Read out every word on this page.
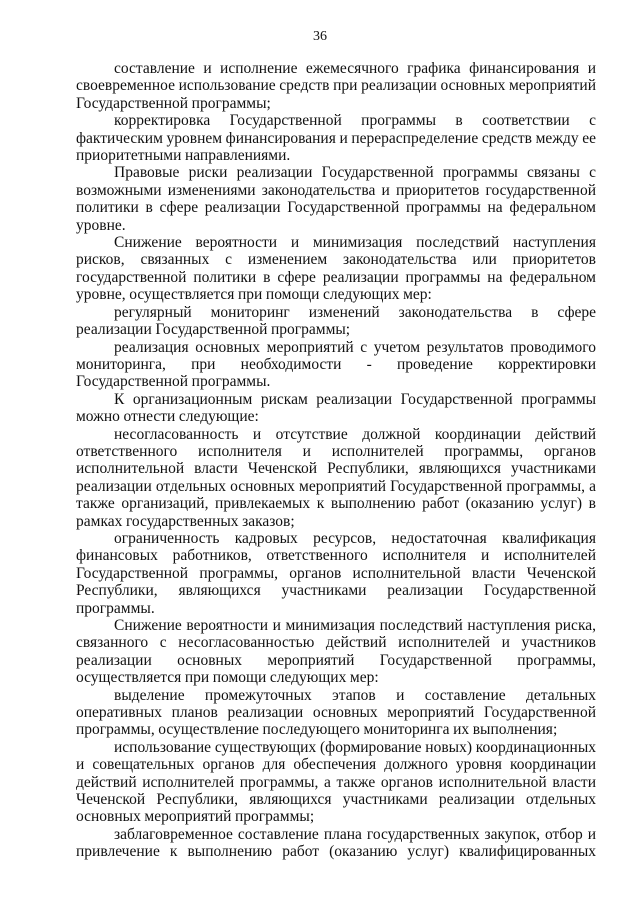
36

составление и исполнение ежемесячного графика финансирования и своевременное использование средств при реализации основных мероприятий Государственной программы;

корректировка Государственной программы в соответствии с фактическим уровнем финансирования и перераспределение средств между ее приоритетными направлениями.

Правовые риски реализации Государственной программы связаны с возможными изменениями законодательства и приоритетов государственной политики в сфере реализации Государственной программы на федеральном уровне.

Снижение вероятности и минимизация последствий наступления рисков, связанных с изменением законодательства или приоритетов государственной политики в сфере реализации программы на федеральном уровне, осуществляется при помощи следующих мер:

регулярный мониторинг изменений законодательства в сфере реализации Государственной программы;

реализация основных мероприятий с учетом результатов проводимого мониторинга, при необходимости - проведение корректировки Государственной программы.

К организационным рискам реализации Государственной программы можно отнести следующие:

несогласованность и отсутствие должной координации действий ответственного исполнителя и исполнителей программы, органов исполнительной власти Чеченской Республики, являющихся участниками реализации отдельных основных мероприятий Государственной программы, а также организаций, привлекаемых к выполнению работ (оказанию услуг) в рамках государственных заказов;

ограниченность кадровых ресурсов, недостаточная квалификация финансовых работников, ответственного исполнителя и исполнителей Государственной программы, органов исполнительной власти Чеченской Республики, являющихся участниками реализации Государственной программы.

Снижение вероятности и минимизация последствий наступления риска, связанного с несогласованностью действий исполнителей и участников реализации основных мероприятий Государственной программы, осуществляется при помощи следующих мер:

выделение промежуточных этапов и составление детальных оперативных планов реализации основных мероприятий Государственной программы, осуществление последующего мониторинга их выполнения;

использование существующих (формирование новых) координационных и совещательных органов для обеспечения должного уровня координации действий исполнителей программы, а также органов исполнительной власти Чеченской Республики, являющихся участниками реализации отдельных основных мероприятий программы;

заблаговременное составление плана государственных закупок, отбор и привлечение к выполнению работ (оказанию услуг) квалифицированных
